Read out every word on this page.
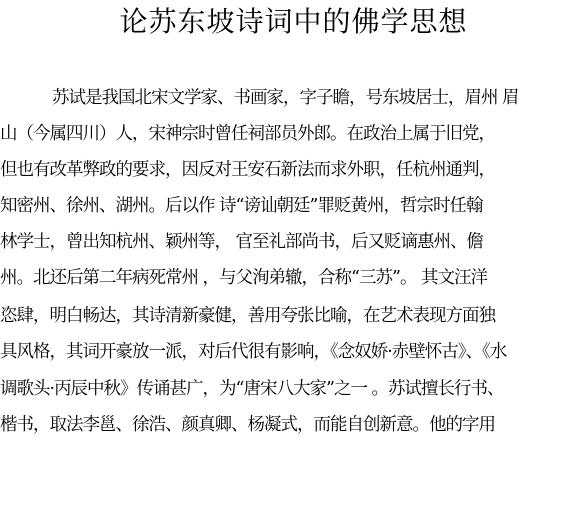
论苏东坡诗词中的佛学思想

苏试是我国北宋文学家、书画家，字子瞻，号东坡居士，眉州 眉

山（今属四川）人，宋神宗时曾任祠部员外郎。在政治上属于旧党，

但也有改革弊政的要求，因反对王安石新法而求外职，任杭州通判，

知密州、徐州、湖州。后以作 诗“谤讪朝廷”罪贬黄州，哲宗时任翰

林学士，曾出知杭州、颖州等， 官至礼部尚书，后又贬谪惠州、儋

州。北还后第二年病死常州 ，与父洵弟辙，合称“三苏”。 其文汪洋

恣肆，明白畅达，其诗清新豪健，善用夸张比喻，在艺术表现方面独

具风格，其词开豪放一派，对后代很有影响，《念奴娇·赤壁怀古》、《水

调歌头·丙辰中秋》传诵甚广，为“唐宋八大家”之一 。苏试擅长行书、

楷书，取法李邕、徐浩、颜真卿、杨凝式，而能自创新意。他的字用
